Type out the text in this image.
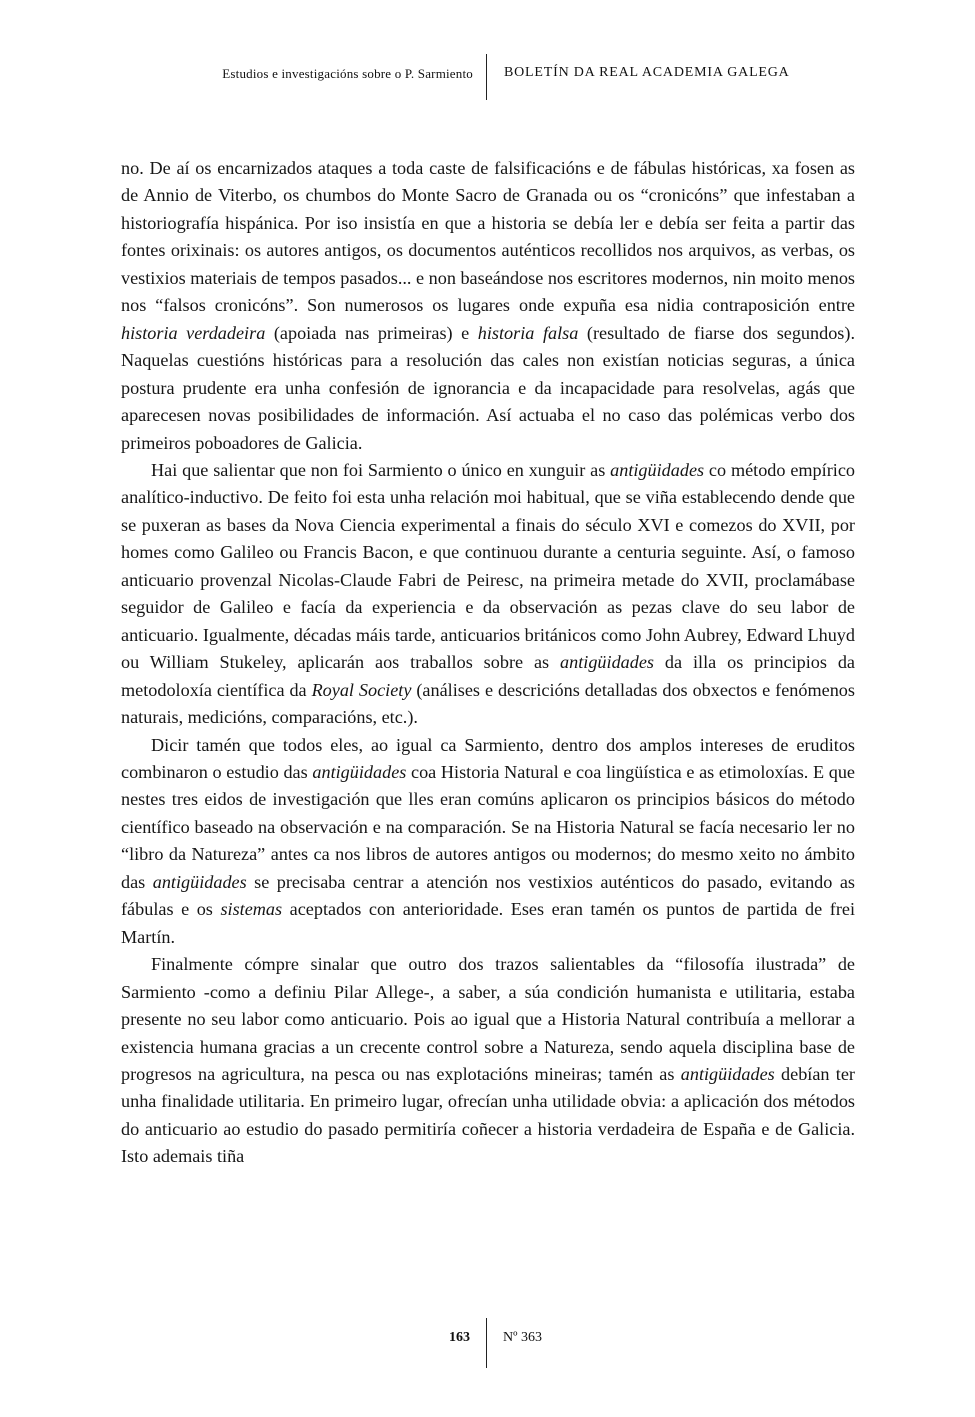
Estudios e investigacións sobre o P. Sarmiento BOLETÍN DA REAL ACADEMIA GALEGA

no. De aí os encarnizados ataques a toda caste de falsificacións e de fábulas históricas, xa fosen as de Annio de Viterbo, os chumbos do Monte Sacro de Granada ou os “cronicóns” que infestaban a historiografía hispánica. Por iso insistía en que a historia se debía ler e debía ser feita a partir das fontes orixinais: os autores antigos, os documentos auténticos recollidos nos arquivos, as verbas, os vestixios materiais de tempos pasados... e non baseándose nos escritores modernos, nin moito menos nos “falsos cronicóns”. Son numerosos os lugares onde expuña esa nidia contraposición entre historia verdadeira (apoiada nas primeiras) e historia falsa (resultado de fiarse dos segundos). Naquelas cuestións históricas para a resolución das cales non existían noticias seguras, a única postura prudente era unha confesión de ignorancia e da incapacidade para resolvelas, agás que aparecesen novas posibilidades de información. Así actuaba el no caso das polémicas verbo dos primeiros poboadores de Galicia.

Hai que salientar que non foi Sarmiento o único en xunguir as antigüidades co método empírico analítico-inductivo. De feito foi esta unha relación moi habitual, que se viña establecendo dende que se puxeran as bases da Nova Ciencia experimental a finais do século XVI e comezos do XVII, por homes como Galileo ou Francis Bacon, e que continuou durante a centuria seguinte. Así, o famoso anticuario provenzal Nicolas-Claude Fabri de Peiresc, na primeira metade do XVII, proclamábase seguidor de Galileo e facía da experiencia e da observación as pezas clave do seu labor de anticuario. Igualmente, décadas máis tarde, anticuarios británicos como John Aubrey, Edward Lhuyd ou William Stukeley, aplicarán aos traballos sobre as antigüidades da illa os principios da metodoloxía científica da Royal Society (análises e descricións detalladas dos obxectos e fenómenos naturais, medicións, comparacións, etc.).

Dicir tamén que todos eles, ao igual ca Sarmiento, dentro dos amplos intereses de eruditos combinaron o estudio das antigüidades coa Historia Natural e coa lingüística e as etimoloxías. E que nestes tres eidos de investigación que lles eran comúns aplicaron os principios básicos do método científico baseado na observación e na comparación. Se na Historia Natural se facía necesario ler no “libro da Natureza” antes ca nos libros de autores antigos ou modernos; do mesmo xeito no ámbito das antigüidades se precisaba centrar a atención nos vestixios auténticos do pasado, evitando as fábulas e os sistemas aceptados con anterioridade. Eses eran tamén os puntos de partida de frei Martín.

Finalmente cómpre sinalar que outro dos trazos salientables da “filosofía ilustrada” de Sarmiento -como a definiu Pilar Allege-, a saber, a súa condición humanista e utilitaria, estaba presente no seu labor como anticuario. Pois ao igual que a Historia Natural contribuía a mellorar a existencia humana gracias a un crecente control sobre a Natureza, sendo aquela disciplina base de progresos na agricultura, na pesca ou nas explotacións mineiras; tamén as antigüidades debían ter unha finalidade utilitaria. En primeiro lugar, ofrecían unha utilidade obvia: a aplicación dos métodos do anticuario ao estudio do pasado permitiría coñecer a historia verdadeira de España e de Galicia. Isto ademais tiña

163 Nº 363
